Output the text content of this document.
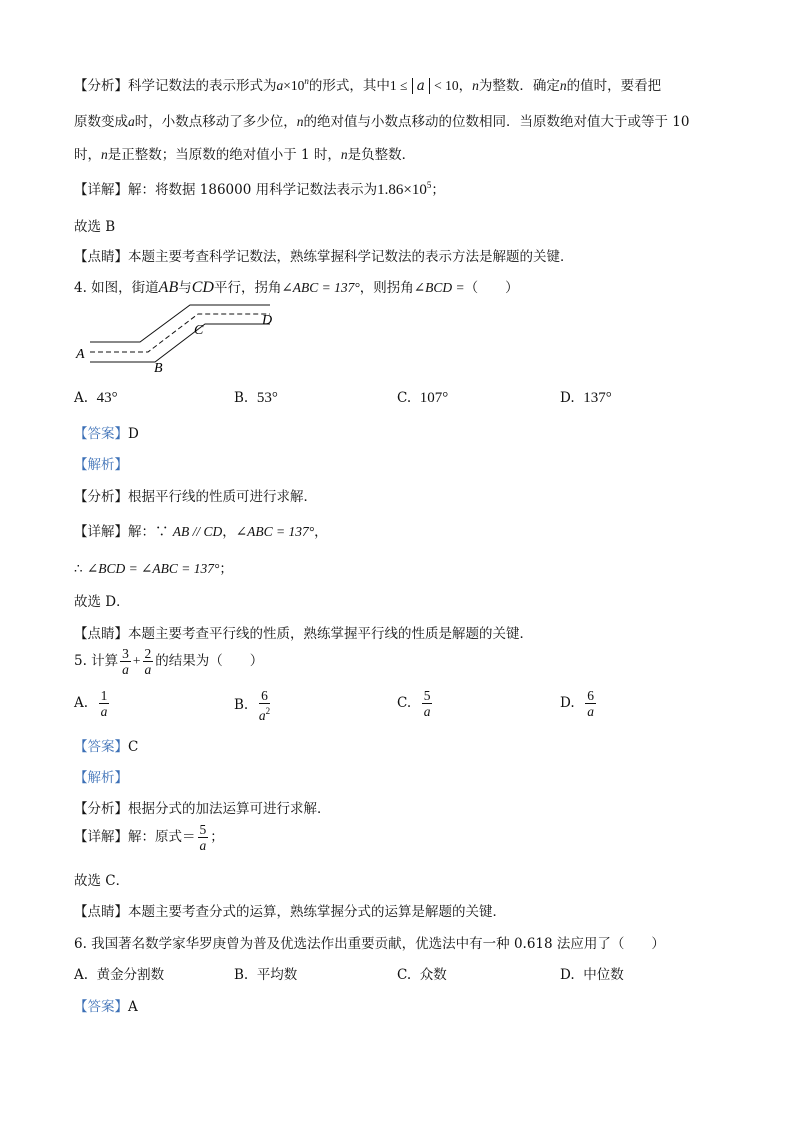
【分析】科学记数法的表示形式为$a\times 10^n$的形式，其中1 ≤ a < 10，n为整数．确定n的值时，要看把
原数变成a时，小数点移动了多少位，n的绝对值与小数点移动的位数相同．当原数绝对值大于或等于 10
时，n是正整数；当原数的绝对值小于 1 时，n是负整数．
【详解】解：将数据 186000 用科学记数法表示为$1.86\times 10^5$；
故选 B
【点睛】本题主要考查科学记数法，熟练掌握科学记数法的表示方法是解题的关键．
4. 如图，街道AB与CD平行，拐角∠ABC = 137°，则拐角∠BCD =（　　）
A
B
C
D
A. 43°	B. 53°	C. 107°	D. 137°
【答案】D
【解析】
【分析】根据平行线的性质可进行求解．
【详解】解：∵ AB // CD，∠ABC = 137°，
∴ ∠BCD = ∠ABC = 137°；
故选 D．
【点睛】本题主要考查平行线的性质，熟练掌握平行线的性质是解题的关键．
5. 计算 $\frac{3}{a} + \frac{2}{a}$ 的结果为（　　）
A. $\frac{1}{a}$	B. $\frac{6}{a^2}$	C. $\frac{5}{a}$	D. $\frac{6}{a}$
【答案】C
【解析】
【分析】根据分式的加法运算可进行求解．
【详解】解：原式＝ $\frac{5}{a}$ ；
故选 C．
【点睛】本题主要考查分式的运算，熟练掌握分式的运算是解题的关键．
6. 我国著名数学家华罗庚曾为普及优选法作出重要贡献，优选法中有一种 0.618 法应用了（　　）
A. 黄金分割数	B. 平均数	C. 众数	D. 中位数
【答案】A
